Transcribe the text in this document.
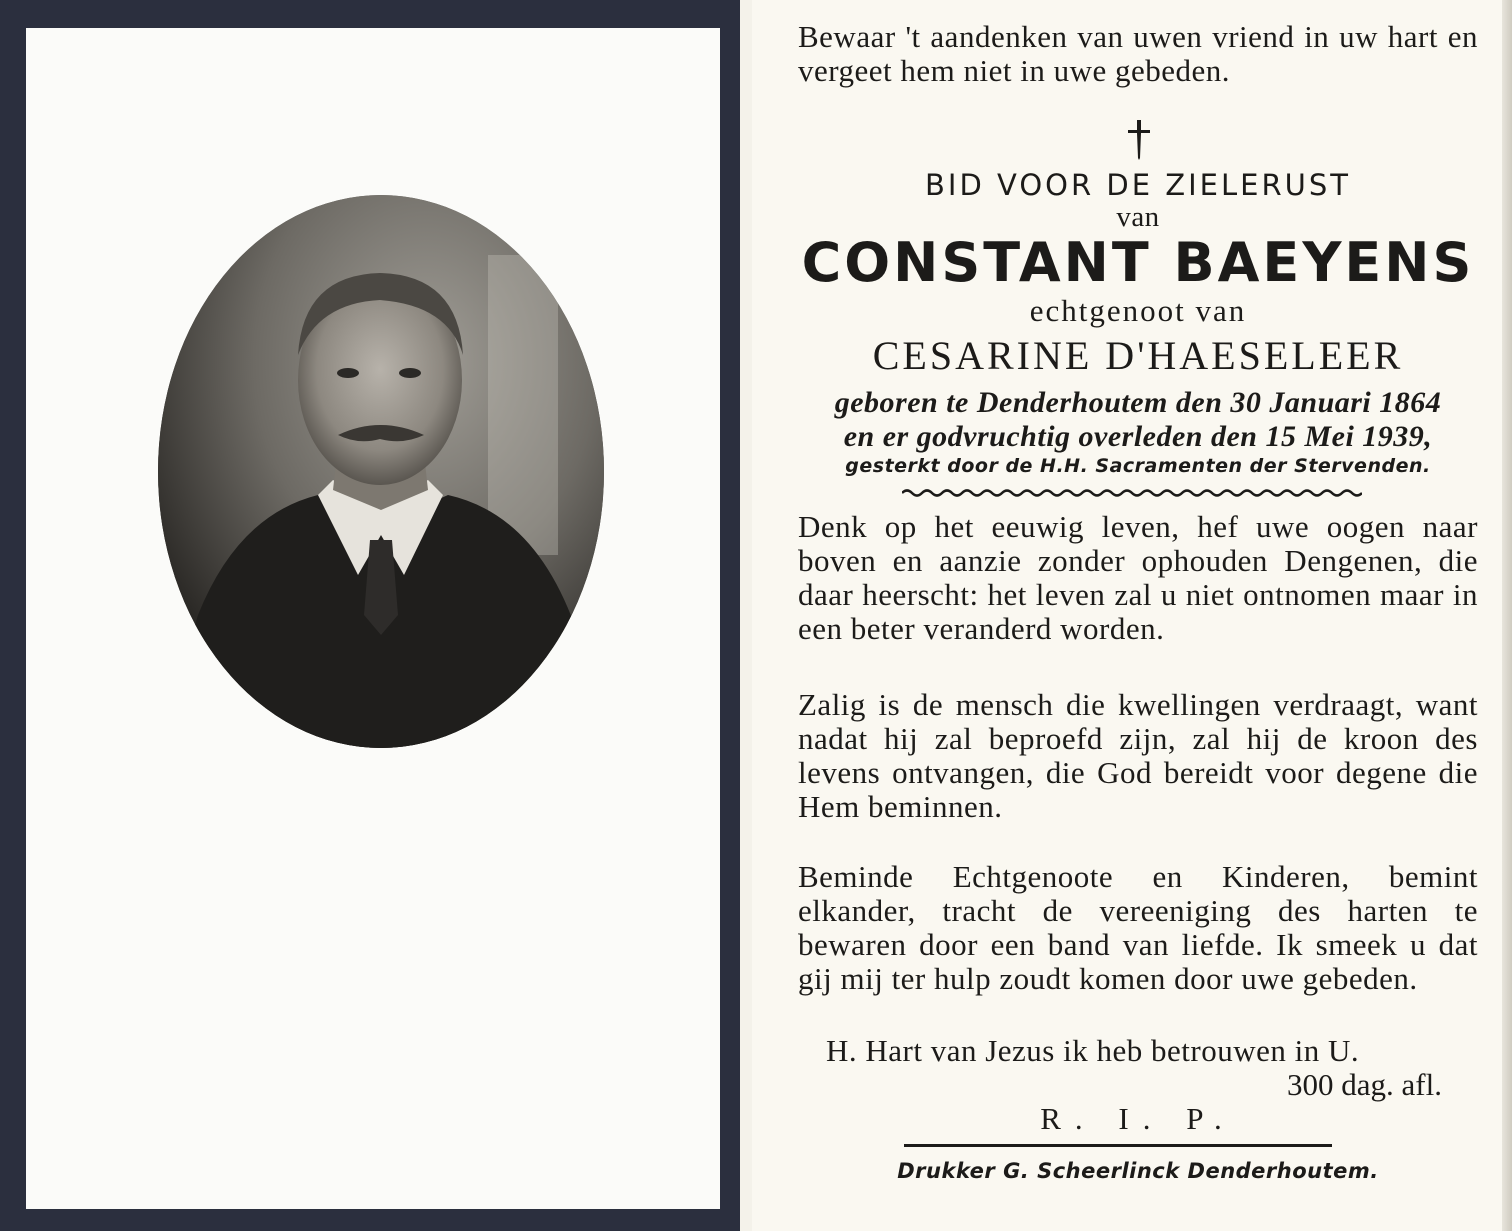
Bewaar 't aandenken van uwen vriend in uw hart en vergeet hem niet in uwe gebeden.
BID VOOR DE ZIELERUST
van
CONSTANT BAEYENS
echtgenoot van
CESARINE D'HAESELEER
geboren te Denderhoutem den 30 Januari 1864
en er godvruchtig overleden den 15 Mei 1939,
gesterkt door de H.H. Sacramenten der Stervenden.
Denk op het eeuwig leven, hef uwe oogen naar boven en aanzie zonder ophouden Dengenen, die daar heerscht: het leven zal u niet ontnomen maar in een beter veranderd worden.
Zalig is de mensch die kwellingen verdraagt, want nadat hij zal beproefd zijn, zal hij de kroon des levens ontvangen, die God bereidt voor degene die Hem beminnen.
Beminde Echtgenoote en Kinderen, bemint elkander, tracht de vereeniging des harten te bewaren door een band van liefde. Ik smeek u dat gij mij ter hulp zoudt komen door uwe gebeden.
H. Hart van Jezus ik heb betrouwen in U.
300 dag. afl.
R. I. P.
Drukker G. Scheerlinck Denderhoutem.
